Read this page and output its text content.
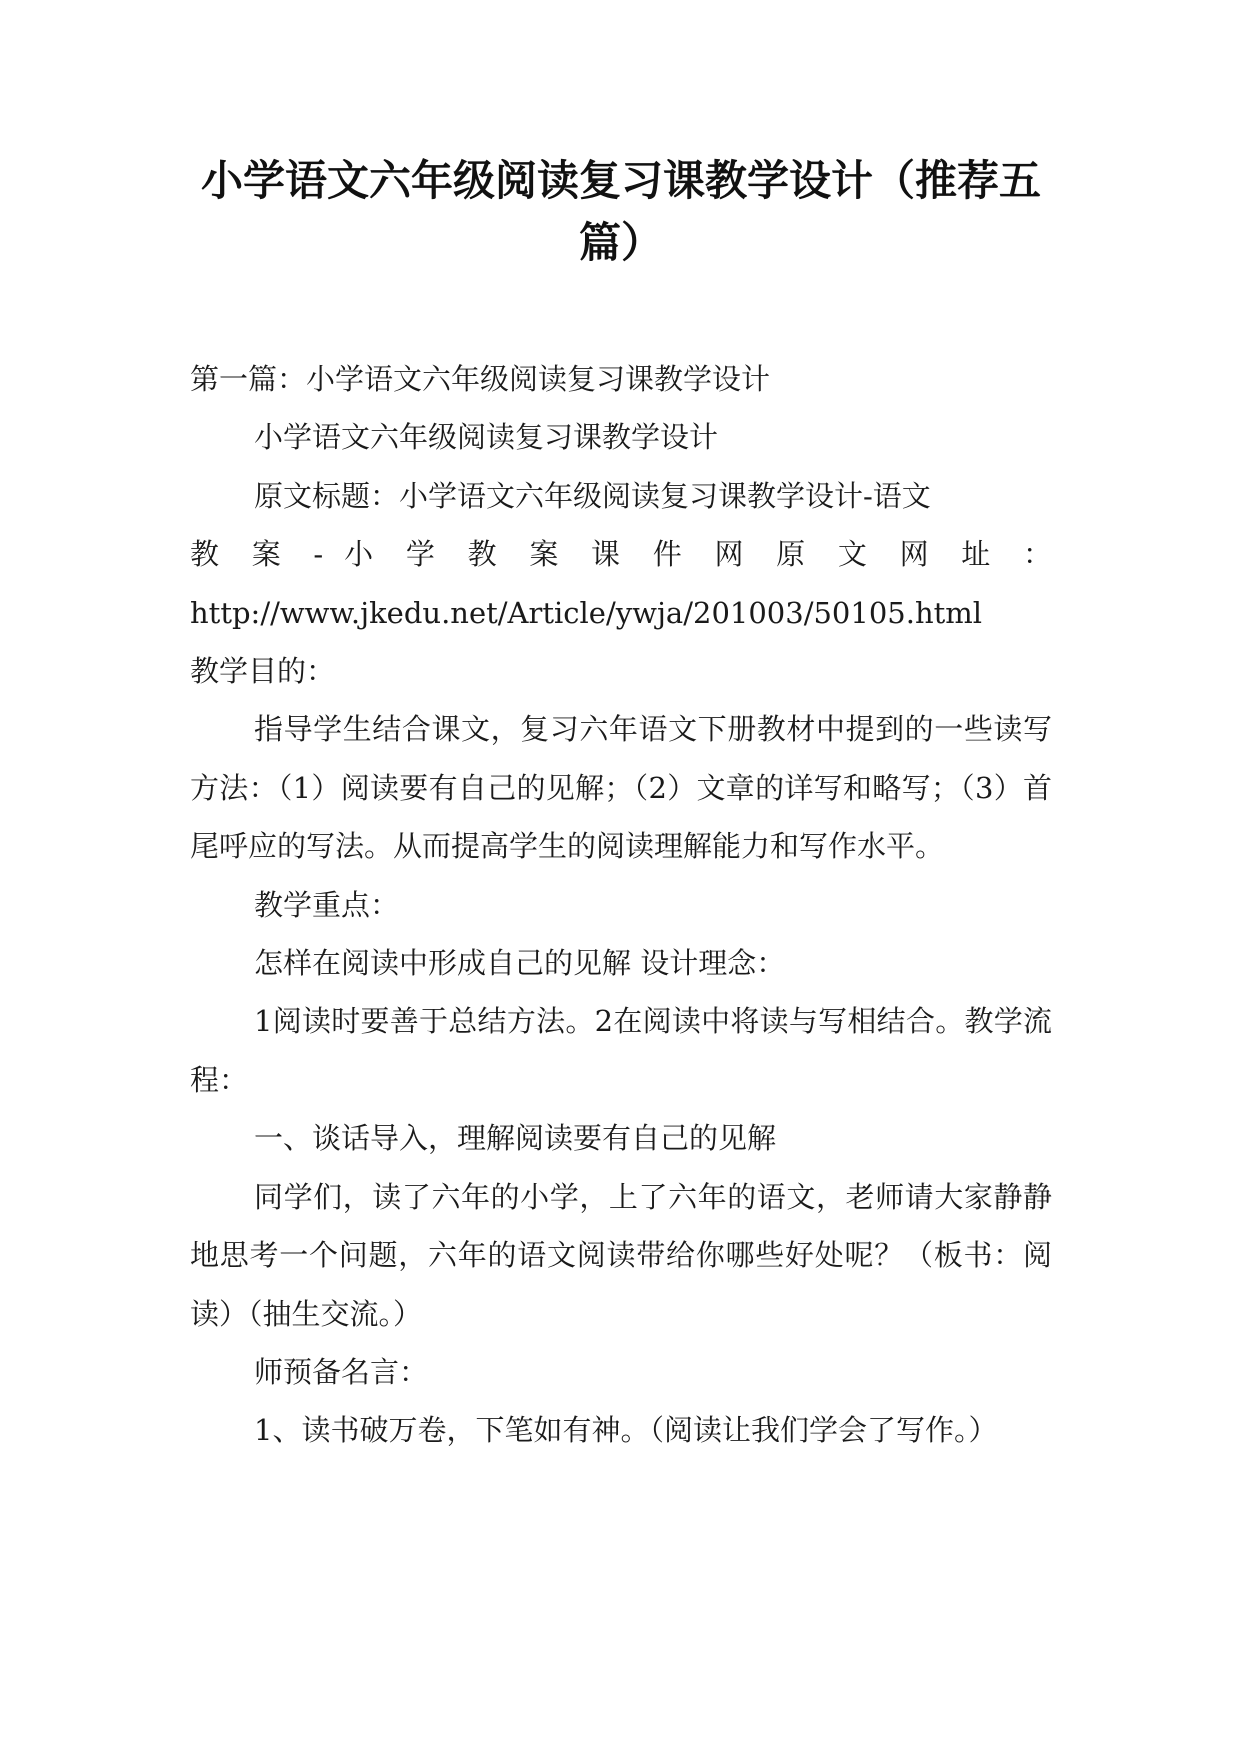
小学语文六年级阅读复习课教学设计（推荐五篇）

第一篇：小学语文六年级阅读复习课教学设计

小学语文六年级阅读复习课教学设计

原文标题：小学语文六年级阅读复习课教学设计-语文

教 案 - 小 学 教 案 课 件 网 原 文 网 址 ：

http://www.jkedu.net/Article/ywja/201003/50105.html

教学目的：

指导学生结合课文，复习六年语文下册教材中提到的一些读写方法：（1）阅读要有自己的见解；（2）文章的详写和略写；（3）首尾呼应的写法。从而提高学生的阅读理解能力和写作水平。

教学重点：

怎样在阅读中形成自己的见解 设计理念：

1阅读时要善于总结方法。2在阅读中将读与写相结合。教学流程：

一、谈话导入，理解阅读要有自己的见解

同学们，读了六年的小学，上了六年的语文，老师请大家静静地思考一个问题，六年的语文阅读带给你哪些好处呢？（板书：阅读）（抽生交流。）

师预备名言：

1、读书破万卷，下笔如有神。（阅读让我们学会了写作。）
